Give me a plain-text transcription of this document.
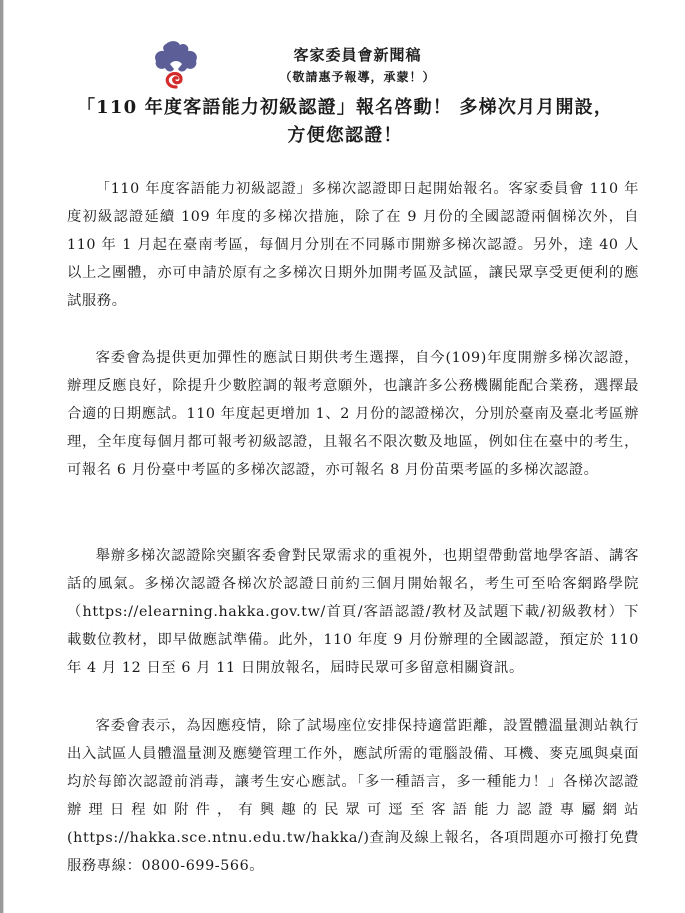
客家委員會新聞稿
（敬請惠予報導，承蒙！）
「110 年度客語能力初級認證」報名啓動！ 多梯次月月開設，
方便您認證！

「110 年度客語能力初級認證」多梯次認證即日起開始報名。客家委員會 110 年度初級認證延續 109 年度的多梯次措施，除了在 9 月份的全國認證兩個梯次外，自 110 年 1 月起在臺南考區，每個月分別在不同縣市開辦多梯次認證。另外，達 40 人以上之團體，亦可申請於原有之多梯次日期外加開考區及試區，讓民眾享受更便利的應試服務。

客委會為提供更加彈性的應試日期供考生選擇，自今(109)年度開辦多梯次認證，辦理反應良好，除提升少數腔調的報考意願外，也讓許多公務機關能配合業務，選擇最合適的日期應試。110 年度起更增加 1、2 月份的認證梯次，分別於臺南及臺北考區辦理，全年度每個月都可報考初級認證，且報名不限次數及地區，例如住在臺中的考生，可報名 6 月份臺中考區的多梯次認證，亦可報名 8 月份苗栗考區的多梯次認證。

舉辦多梯次認證除突顯客委會對民眾需求的重視外，也期望帶動當地學客語、講客話的風氣。多梯次認證各梯次於認證日前約三個月開始報名，考生可至哈客網路學院（https://elearning.hakka.gov.tw/首頁/客語認證/教材及試題下載/初級教材）下載數位教材，即早做應試準備。此外，110 年度 9 月份辦理的全國認證，預定於 110 年 4 月 12 日至 6 月 11 日開放報名，屆時民眾可多留意相關資訊。

客委會表示，為因應疫情，除了試場座位安排保持適當距離，設置體溫量測站執行出入試區人員體溫量測及應變管理工作外，應試所需的電腦設備、耳機、麥克風與桌面均於每節次認證前消毒，讓考生安心應試。「多一種語言，多一種能力！」各梯次認證辦理日程如附件，有興趣的民眾可逕至客語能力認證專屬網站(https://hakka.sce.ntnu.edu.tw/hakka/)查詢及線上報名，各項問題亦可撥打免費服務專線：0800-699-566。
